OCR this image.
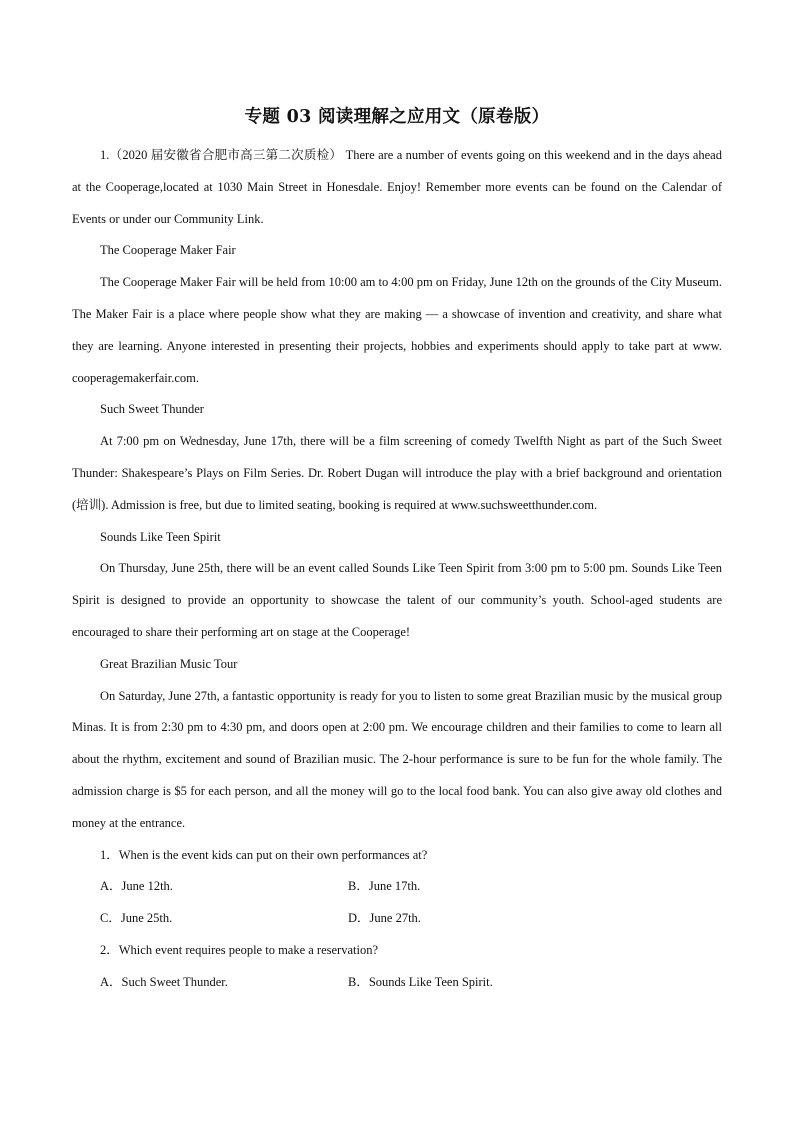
专题 03 阅读理解之应用文（原卷版）

1.（2020 届安徽省合肥市高三第二次质检） There are a number of events going on this weekend and in the days ahead at the Cooperage,located at 1030 Main Street in Honesdale. Enjoy! Remember more events can be found on the Calendar of Events or under our Community Link.

The Cooperage Maker Fair

The Cooperage Maker Fair will be held from 10:00 am to 4:00 pm on Friday, June 12th on the grounds of the City Museum. The Maker Fair is a place where people show what they are making — a showcase of invention and creativity, and share what they are learning. Anyone interested in presenting their projects, hobbies and experiments should apply to take part at www. cooperagemakerfair.com.

Such Sweet Thunder

At 7:00 pm on Wednesday, June 17th, there will be a film screening of comedy Twelfth Night as part of the Such Sweet Thunder: Shakespeare’s Plays on Film Series. Dr. Robert Dugan will introduce the play with a brief background and orientation (培训). Admission is free, but due to limited seating, booking is required at www.suchsweetthunder.com.

Sounds Like Teen Spirit

On Thursday, June 25th, there will be an event called Sounds Like Teen Spirit from 3:00 pm to 5:00 pm. Sounds Like Teen Spirit is designed to provide an opportunity to showcase the talent of our community’s youth. School-aged students are encouraged to share their performing art on stage at the Cooperage!

Great Brazilian Music Tour

On Saturday, June 27th, a fantastic opportunity is ready for you to listen to some great Brazilian music by the musical group Minas. It is from 2:30 pm to 4:30 pm, and doors open at 2:00 pm. We encourage children and their families to come to learn all about the rhythm, excitement and sound of Brazilian music. The 2-hour performance is sure to be fun for the whole family. The admission charge is $5 for each person, and all the money will go to the local food bank. You can also give away old clothes and money at the entrance.

1．When is the event kids can put on their own performances at?
A．June 12th.	B．June 17th.
C．June 25th.	D．June 27th.
2．Which event requires people to make a reservation?
A．Such Sweet Thunder.	B．Sounds Like Teen Spirit.
